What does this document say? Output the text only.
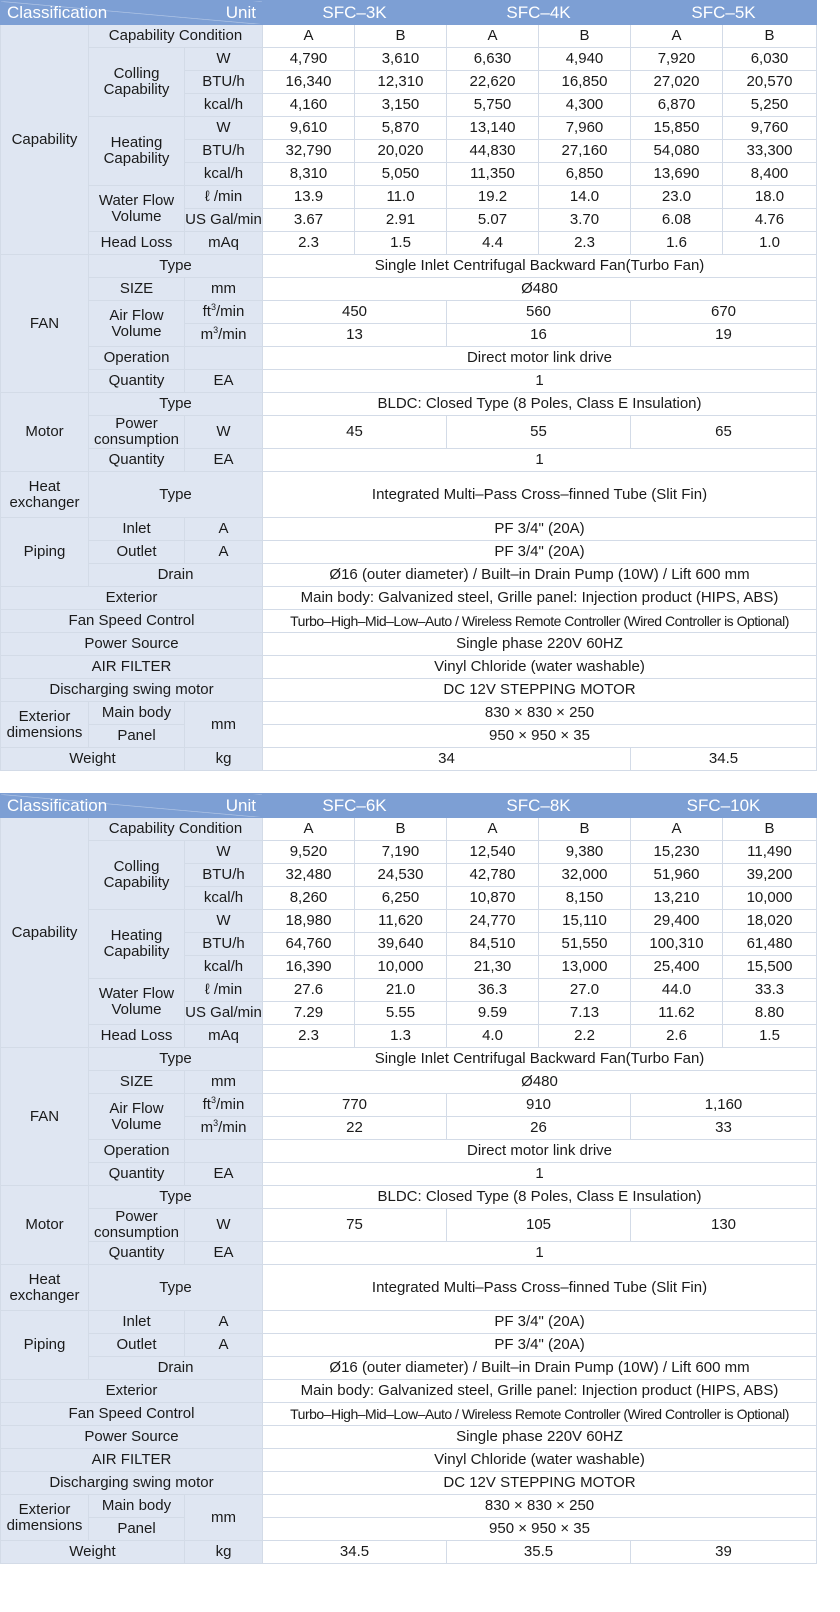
Classification Unit			SFC–3K		SFC–4K		SFC–5K	
Capability	Capability Condition		A	B	A	B	A	B
	Colling Capability	W	4,790	3,610	6,630	4,940	7,920	6,030
		BTU/h	16,340	12,310	22,620	16,850	27,020	20,570
		kcal/h	4,160	3,150	5,750	4,300	6,870	5,250
	Heating Capability	W	9,610	5,870	13,140	7,960	15,850	9,760
		BTU/h	32,790	20,020	44,830	27,160	54,080	33,300
		kcal/h	8,310	5,050	11,350	6,850	13,690	8,400
	Water Flow Volume	ℓ /min	13.9	11.0	19.2	14.0	23.0	18.0
		US Gal/min	3.67	2.91	5.07	3.70	6.08	4.76
	Head Loss	mAq	2.3	1.5	4.4	2.3	1.6	1.0
FAN	Type		Single Inlet Centrifugal Backward Fan(Turbo Fan)					
	SIZE	mm	Ø480					
	Air Flow Volume	$ft^3/\min$	450		560		670	
		$m^3/\min$	13		16		19	
	Operation		Direct motor link drive					
	Quantity	EA	1					
Motor	Type		BLDC: Closed Type (8 Poles, Class E Insulation)					
	Power consumption	W	45		55		65	
	Quantity	EA	1					
Heat exchanger	Type		Integrated Multi–Pass Cross–finned Tube (Slit Fin)					
Piping	Inlet	A	PF 3/4" (20A)					
	Outlet	A	PF 3/4" (20A)					
	Drain		Ø16 (outer diameter) / Built–in Drain Pump (10W) / Lift 600 mm					
Exterior			Main body: Galvanized steel, Grille panel: Injection product (HIPS, ABS)					
Fan Speed Control			Turbo–High–Mid–Low–Auto / Wireless Remote Controller (Wired Controller is Optional)					
Power Source			Single phase 220V 60HZ					
AIR FILTER			Vinyl Chloride (water washable)					
Discharging swing motor			DC 12V STEPPING MOTOR					
Exterior dimensions	Main body	mm	830 × 830 × 250					
	Panel		950 × 950 × 35					
Weight		kg	34				34.5	
Classification Unit			SFC–6K		SFC–8K		SFC–10K	
Capability	Capability Condition		A	B	A	B	A	B
	Colling Capability	W	9,520	7,190	12,540	9,380	15,230	11,490
		BTU/h	32,480	24,530	42,780	32,000	51,960	39,200
		kcal/h	8,260	6,250	10,870	8,150	13,210	10,000
	Heating Capability	W	18,980	11,620	24,770	15,110	29,400	18,020
		BTU/h	64,760	39,640	84,510	51,550	100,310	61,480
		kcal/h	16,390	10,000	21,30	13,000	25,400	15,500
	Water Flow Volume	ℓ /min	27.6	21.0	36.3	27.0	44.0	33.3
		US Gal/min	7.29	5.55	9.59	7.13	11.62	8.80
	Head Loss	mAq	2.3	1.3	4.0	2.2	2.6	1.5
FAN	Type		Single Inlet Centrifugal Backward Fan(Turbo Fan)					
	SIZE	mm	Ø480					
	Air Flow Volume	$ft^3/\min$	770		910		1,160	
		$m^3/\min$	22		26		33	
	Operation		Direct motor link drive					
	Quantity	EA	1					
Motor	Type		BLDC: Closed Type (8 Poles, Class E Insulation)					
	Power consumption	W	75		105		130	
	Quantity	EA	1					
Heat exchanger	Type		Integrated Multi–Pass Cross–finned Tube (Slit Fin)					
Piping	Inlet	A	PF 3/4" (20A)					
	Outlet	A	PF 3/4" (20A)					
	Drain		Ø16 (outer diameter) / Built–in Drain Pump (10W) / Lift 600 mm					
Exterior			Main body: Galvanized steel, Grille panel: Injection product (HIPS, ABS)					
Fan Speed Control			Turbo–High–Mid–Low–Auto / Wireless Remote Controller (Wired Controller is Optional)					
Power Source			Single phase 220V 60HZ					
AIR FILTER			Vinyl Chloride (water washable)					
Discharging swing motor			DC 12V STEPPING MOTOR					
Exterior dimensions	Main body	mm	830 × 830 × 250					
	Panel		950 × 950 × 35					
Weight		kg	34.5		35.5		39	
